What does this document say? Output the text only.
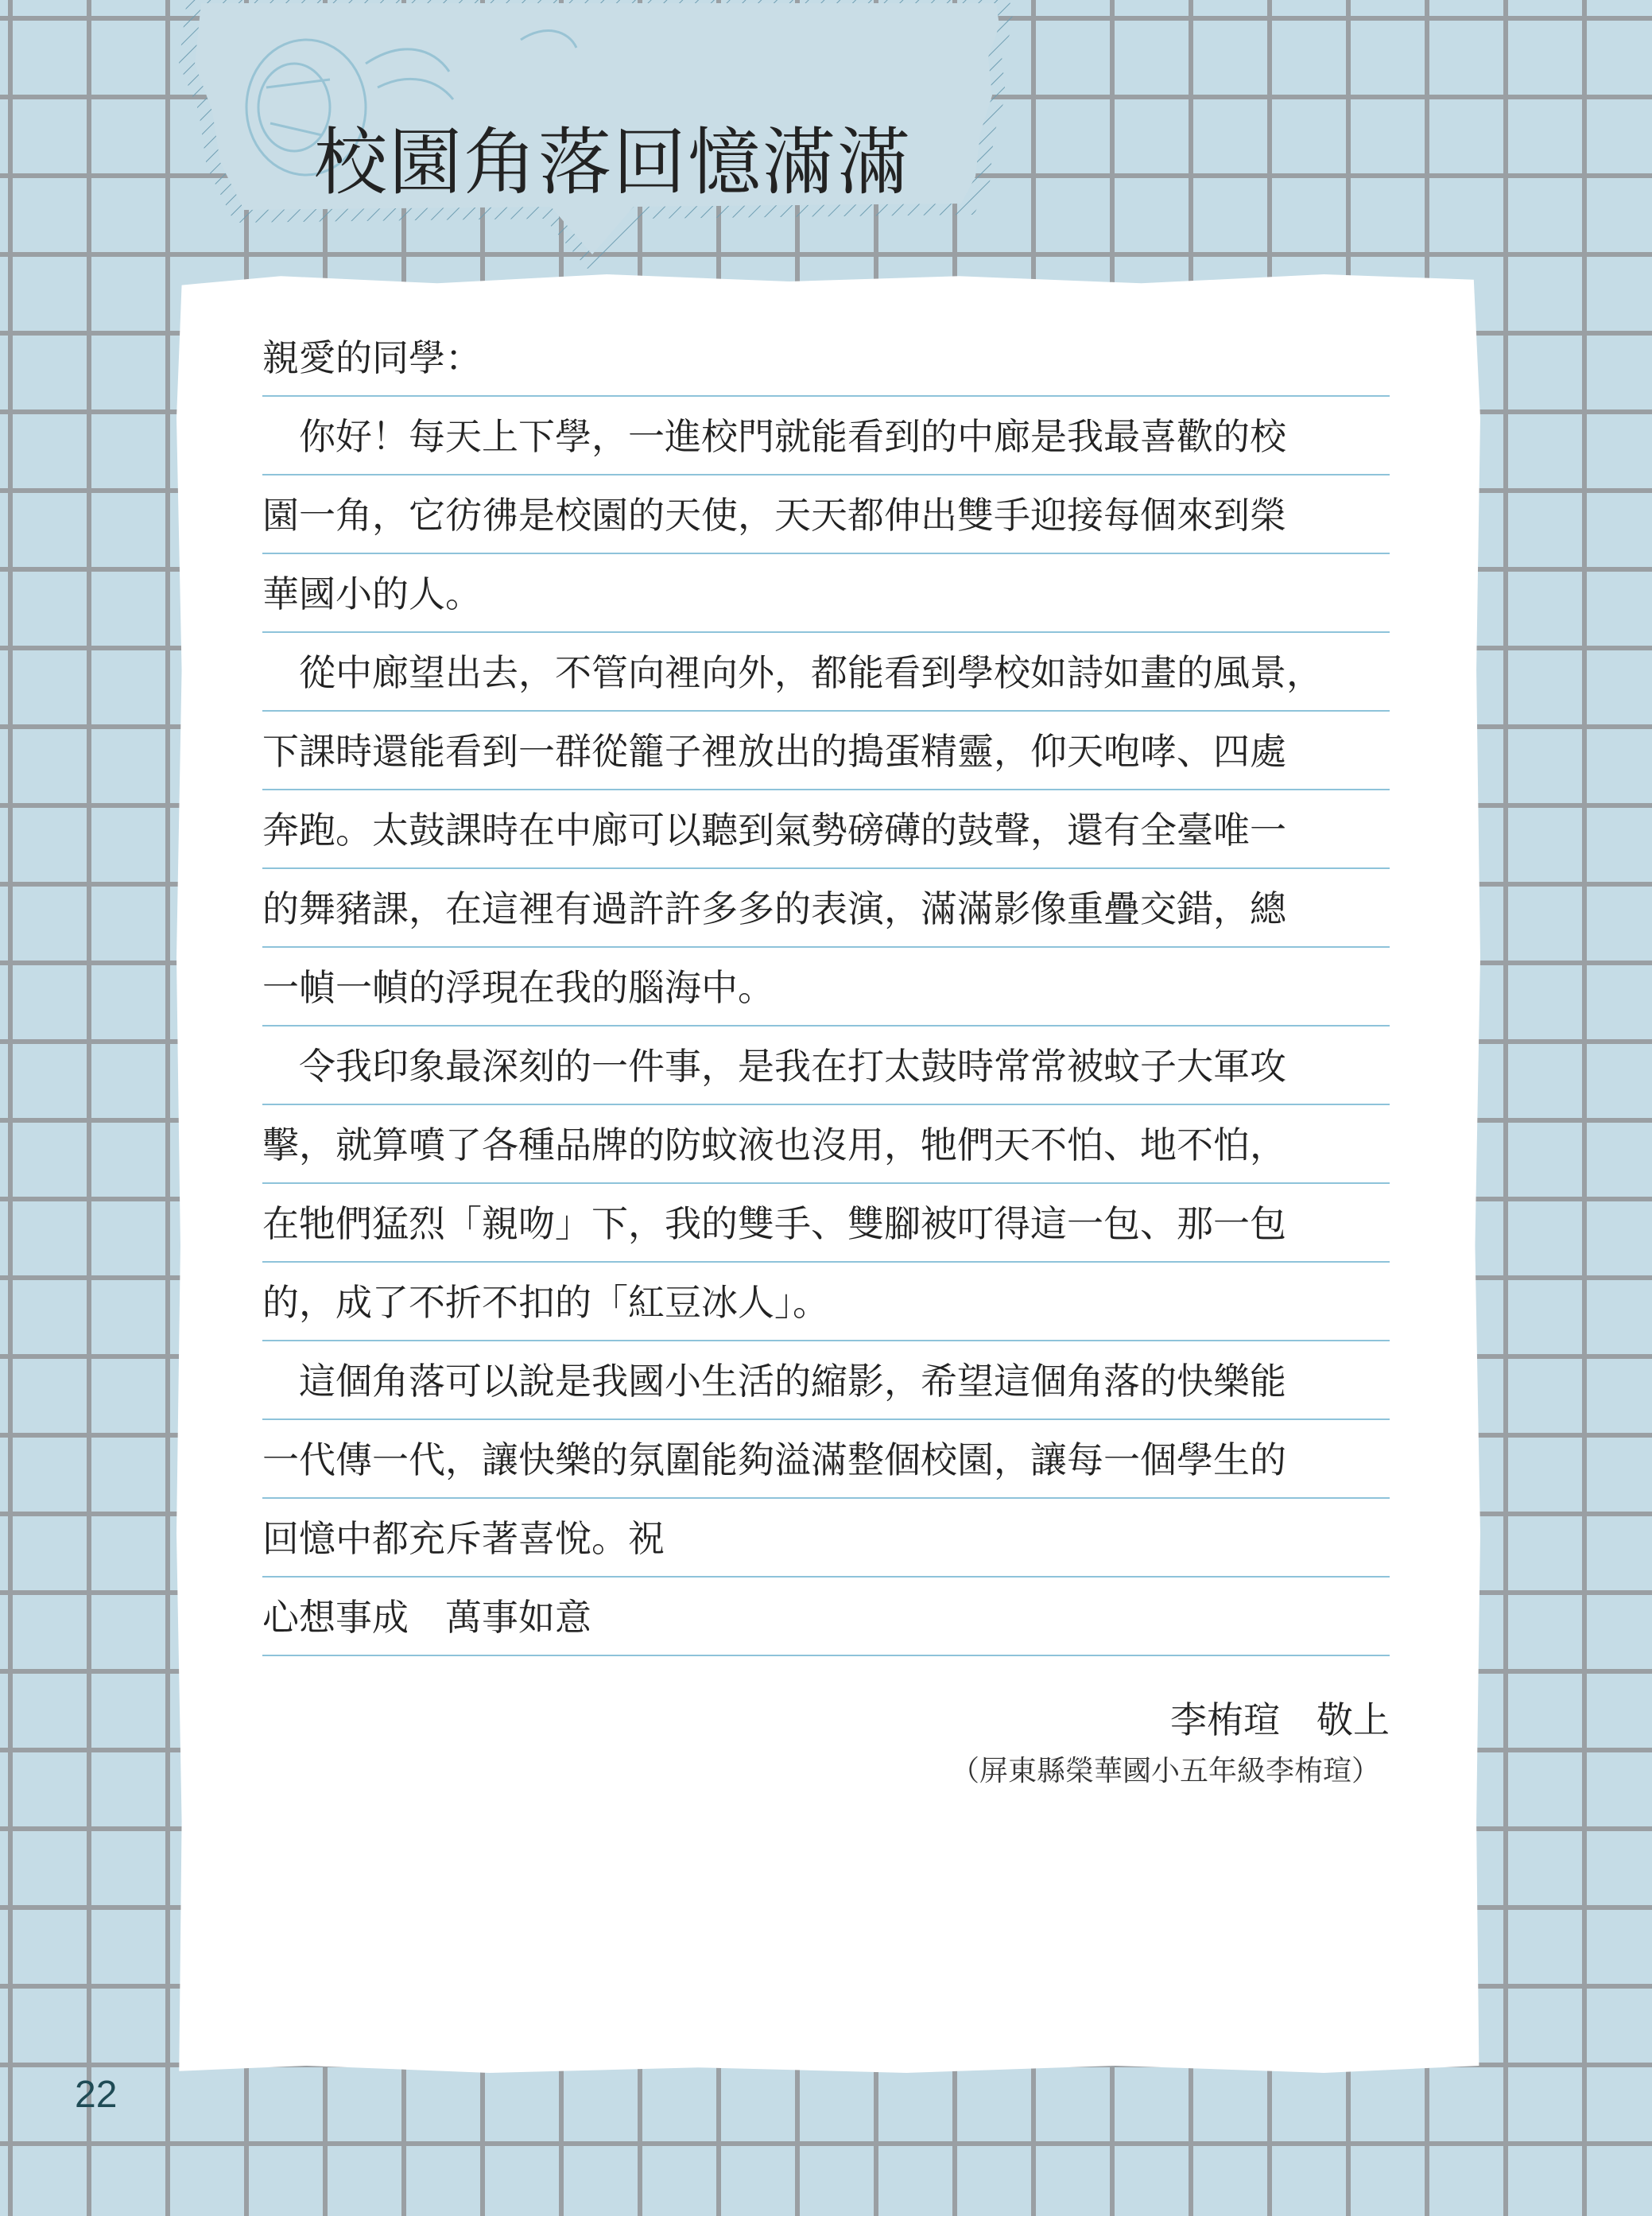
校園角落回憶滿滿
親愛的同學：
你好！每天上下學，一進校門就能看到的中廊是我最喜歡的校
園一角，它彷彿是校園的天使，天天都伸出雙手迎接每個來到榮
華國小的人。
從中廊望出去，不管向裡向外，都能看到學校如詩如畫的風景，
下課時還能看到一群從籠子裡放出的搗蛋精靈，仰天咆哮、四處
奔跑。太鼓課時在中廊可以聽到氣勢磅礡的鼓聲，還有全臺唯一
的舞豬課，在這裡有過許許多多的表演，滿滿影像重疊交錯，總
一幀一幀的浮現在我的腦海中。
令我印象最深刻的一件事，是我在打太鼓時常常被蚊子大軍攻
擊，就算噴了各種品牌的防蚊液也沒用，牠們天不怕、地不怕，
在牠們猛烈「親吻」下，我的雙手、雙腳被叮得這一包、那一包
的，成了不折不扣的「紅豆冰人」。
這個角落可以說是我國小生活的縮影，希望這個角落的快樂能
一代傳一代，讓快樂的氛圍能夠溢滿整個校園，讓每一個學生的
回憶中都充斥著喜悅。祝
心想事成　萬事如意
李栯瑄　敬上
（屏東縣榮華國小五年級李栯瑄）
22
